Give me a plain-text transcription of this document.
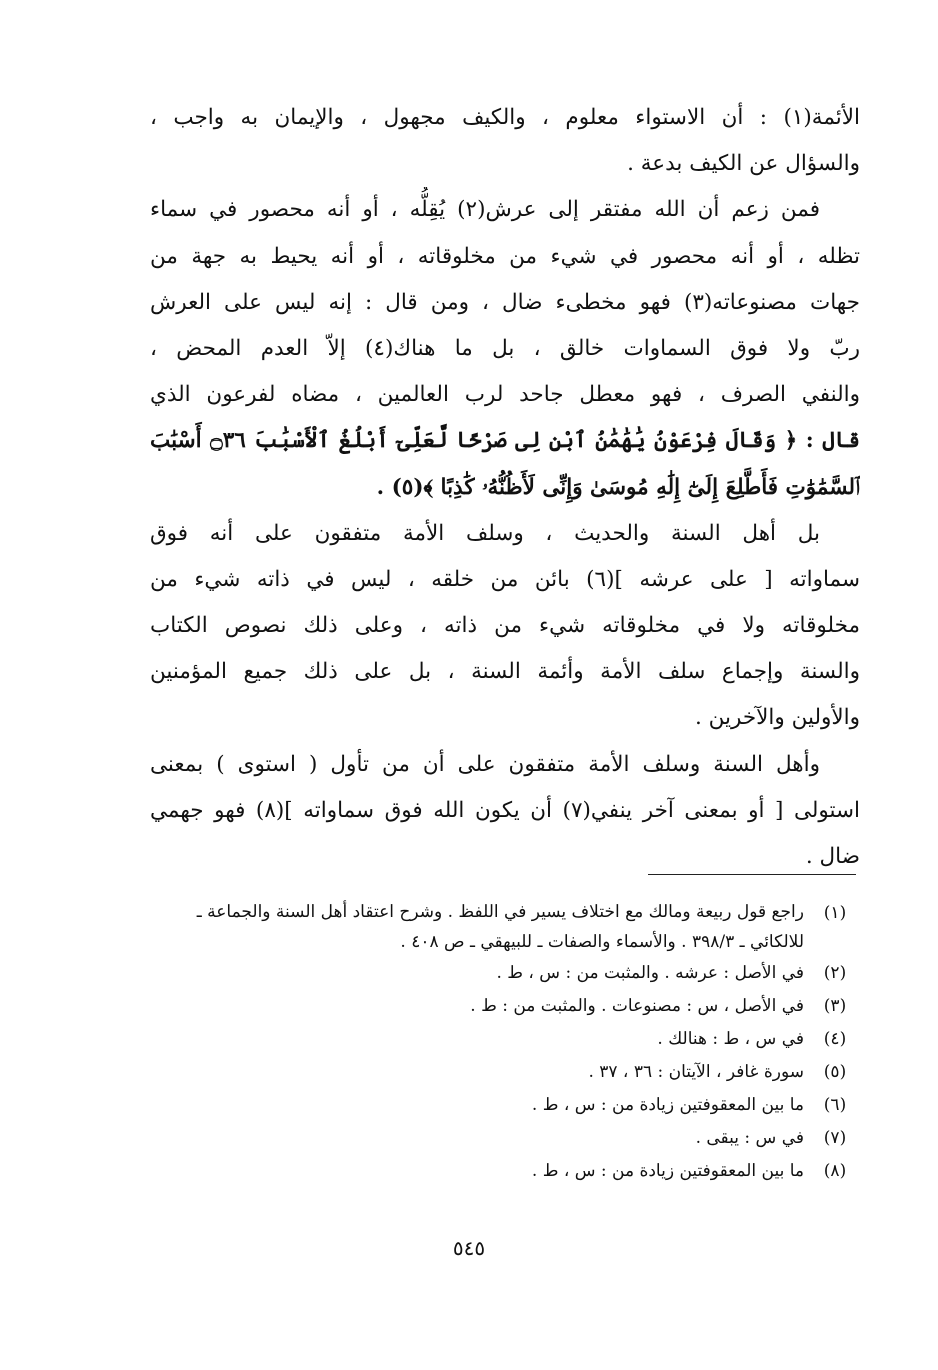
الأئمة(١) : أن الاستواء معلوم ، والكيف مجهول ، والإيمان به واجب ،
والسؤال عن الكيف بدعة .
فمن زعم أن الله مفتقر إلى عرش(٢) يُقِلُّه ، أو أنه محصور في سماء
تظله ، أو أنه محصور في شيء من مخلوقاته ، أو أنه يحيط به جهة من
جهات مصنوعاته(٣) فهو مخطىء ضال ، ومن قال : إنه ليس على العرش
ربّ ولا فوق السماوات خالق ، بل ما هناك(٤) إلاّ العدم المحض ،
والنفي الصرف ، فهو معطل جاحد لرب العالمين ، مضاه لفرعون الذي
قال : ﴿ وَقَالَ فِرْعَوْنُ يَٰهَٰمَٰنُ ٱبْنِ لِى صَرْحًا لَّعَلِّىٓ أَبْلُغُ ٱلْأَسْبَٰبَ ۝٣٦ أَسْبَٰبَ
ٱلسَّمَٰوَٰتِ فَأَطَّلِعَ إِلَىٰٓ إِلَٰهِ مُوسَىٰ وَإِنِّى لَأَظُنُّهُۥ كَٰذِبًا ﴾(٥) .
بل أهل السنة والحديث ، وسلف الأمة متفقون على أنه فوق
سماواته [ على عرشه ](٦) بائن من خلقه ، ليس في ذاته شيء من
مخلوقاته ولا في مخلوقاته شيء من ذاته ، وعلى ذلك نصوص الكتاب
والسنة وإجماع سلف الأمة وأئمة السنة ، بل على ذلك جميع المؤمنين
والأولين والآخرين .
وأهل السنة وسلف الأمة متفقون على أن من تأول ( استوى ) بمعنى
استولى [ أو بمعنى آخر ينفي(٧) أن يكون الله فوق سماواته ](٨) فهو جهمي
ضال .
(١)
راجع قول ربيعة ومالك مع اختلاف يسير في اللفظ . وشرح اعتقاد أهل السنة والجماعة ـ للالكائي ـ ٣٩٨/٣ . والأسماء والصفات ـ للبيهقي ـ ص ٤٠٨ .
(٢)
في الأصل : عرشه . والمثبت من : س ، ط .
(٣)
في الأصل ، س : مصنوعات . والمثبت من : ط .
(٤)
في س ، ط : هنالك .
(٥)
سورة غافر ، الآيتان : ٣٦ ، ٣٧ .
(٦)
ما بين المعقوفتين زيادة من : س ، ط .
(٧)
في س : يبقى .
(٨)
ما بين المعقوفتين زيادة من : س ، ط .
٥٤٥
